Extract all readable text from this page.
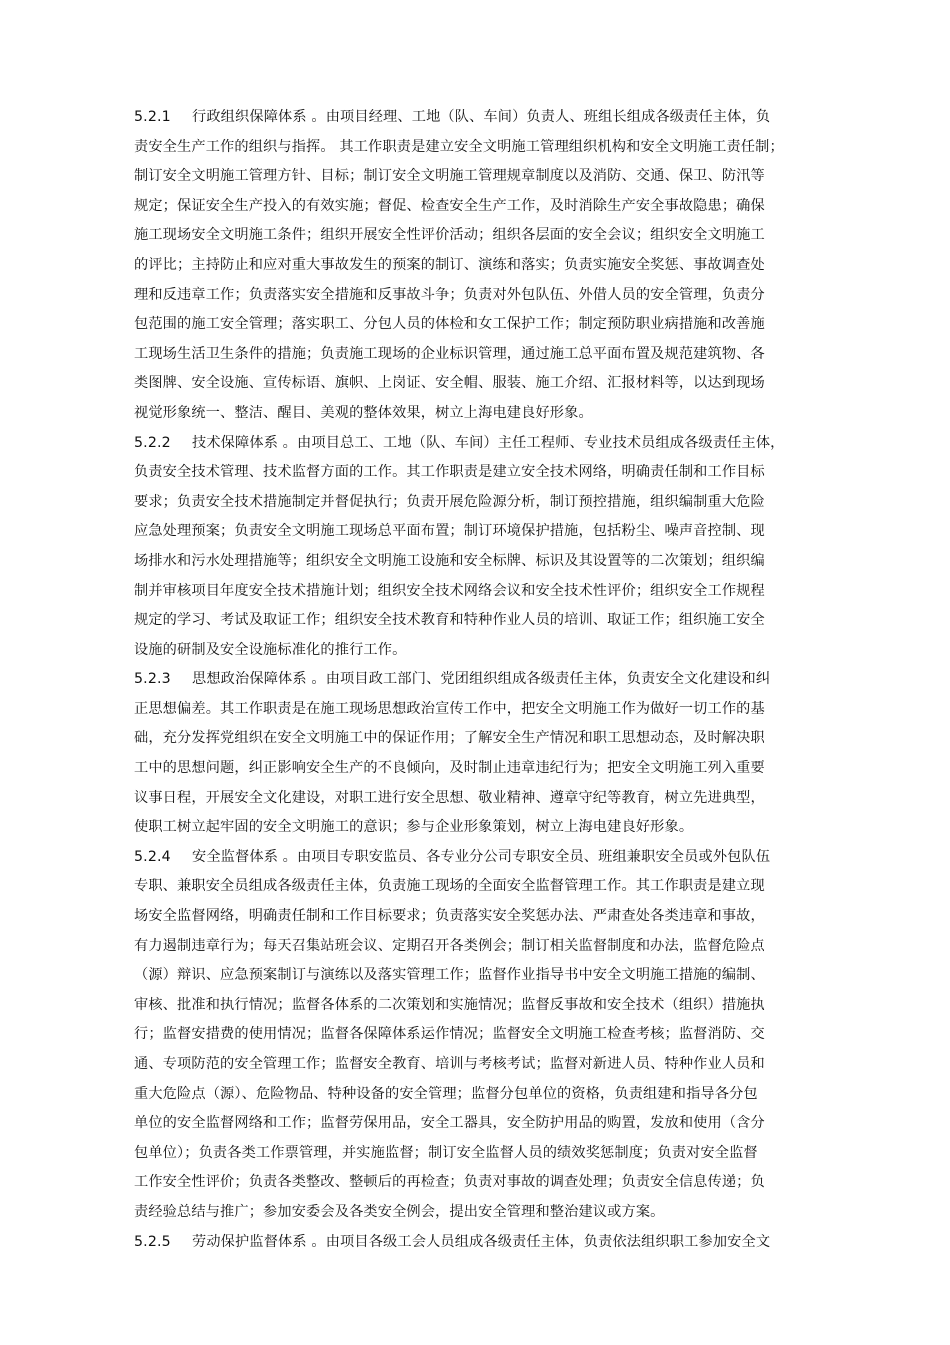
5.2.1 行政组织保障体系 。由项目经理、工地（队、车间）负责人、班组长组成各级责任主体，负
责安全生产工作的组织与指挥。 其工作职责是建立安全文明施工管理组织机构和安全文明施工责任制；
制订安全文明施工管理方针、目标；制订安全文明施工管理规章制度以及消防、交通、保卫、防汛等
规定；保证安全生产投入的有效实施；督促、检查安全生产工作，及时消除生产安全事故隐患；确保
施工现场安全文明施工条件；组织开展安全性评价活动；组织各层面的安全会议；组织安全文明施工
的评比；主持防止和应对重大事故发生的预案的制订、演练和落实；负责实施安全奖惩、事故调查处
理和反违章工作；负责落实安全措施和反事故斗争；负责对外包队伍、外借人员的安全管理，负责分
包范围的施工安全管理；落实职工、分包人员的体检和女工保护工作；制定预防职业病措施和改善施
工现场生活卫生条件的措施；负责施工现场的企业标识管理，通过施工总平面布置及规范建筑物、各
类图牌、安全设施、宣传标语、旗帜、上岗证、安全帽、服装、施工介绍、汇报材料等，以达到现场
视觉形象统一、整洁、醒目、美观的整体效果，树立上海电建良好形象。
5.2.2 技术保障体系 。由项目总工、工地（队、车间）主任工程师、专业技术员组成各级责任主体，
负责安全技术管理、技术监督方面的工作。其工作职责是建立安全技术网络，明确责任制和工作目标
要求；负责安全技术措施制定并督促执行；负责开展危险源分析，制订预控措施，组织编制重大危险
应急处理预案；负责安全文明施工现场总平面布置；制订环境保护措施，包括粉尘、噪声音控制、现
场排水和污水处理措施等；组织安全文明施工设施和安全标牌、标识及其设置等的二次策划；组织编
制并审核项目年度安全技术措施计划；组织安全技术网络会议和安全技术性评价；组织安全工作规程
规定的学习、考试及取证工作；组织安全技术教育和特种作业人员的培训、取证工作；组织施工安全
设施的研制及安全设施标准化的推行工作。
5.2.3 思想政治保障体系 。由项目政工部门、党团组织组成各级责任主体，负责安全文化建设和纠
正思想偏差。其工作职责是在施工现场思想政治宣传工作中，把安全文明施工作为做好一切工作的基
础，充分发挥党组织在安全文明施工中的保证作用；了解安全生产情况和职工思想动态，及时解决职
工中的思想问题，纠正影响安全生产的不良倾向，及时制止违章违纪行为；把安全文明施工列入重要
议事日程，开展安全文化建设，对职工进行安全思想、敬业精神、遵章守纪等教育，树立先进典型，
使职工树立起牢固的安全文明施工的意识；参与企业形象策划，树立上海电建良好形象。
5.2.4 安全监督体系 。由项目专职安监员、各专业分公司专职安全员、班组兼职安全员或外包队伍
专职、兼职安全员组成各级责任主体，负责施工现场的全面安全监督管理工作。其工作职责是建立现
场安全监督网络，明确责任制和工作目标要求；负责落实安全奖惩办法、严肃查处各类违章和事故，
有力遏制违章行为；每天召集站班会议、定期召开各类例会；制订相关监督制度和办法，监督危险点
（源）辩识、应急预案制订与演练以及落实管理工作；监督作业指导书中安全文明施工措施的编制、
审核、批准和执行情况；监督各体系的二次策划和实施情况；监督反事故和安全技术（组织）措施执
行；监督安措费的使用情况；监督各保障体系运作情况；监督安全文明施工检查考核；监督消防、交
通、专项防范的安全管理工作；监督安全教育、培训与考核考试；监督对新进人员、特种作业人员和
重大危险点（源）、危险物品、特种设备的安全管理；监督分包单位的资格，负责组建和指导各分包
单位的安全监督网络和工作；监督劳保用品，安全工器具，安全防护用品的购置，发放和使用（含分
包单位）；负责各类工作票管理，并实施监督；制订安全监督人员的绩效奖惩制度；负责对安全监督
工作安全性评价；负责各类整改、整顿后的再检查；负责对事故的调查处理；负责安全信息传递；负
责经验总结与推广；参加安委会及各类安全例会，提出安全管理和整治建议或方案。
5.2.5 劳动保护监督体系 。由项目各级工会人员组成各级责任主体，负责依法组织职工参加安全文
